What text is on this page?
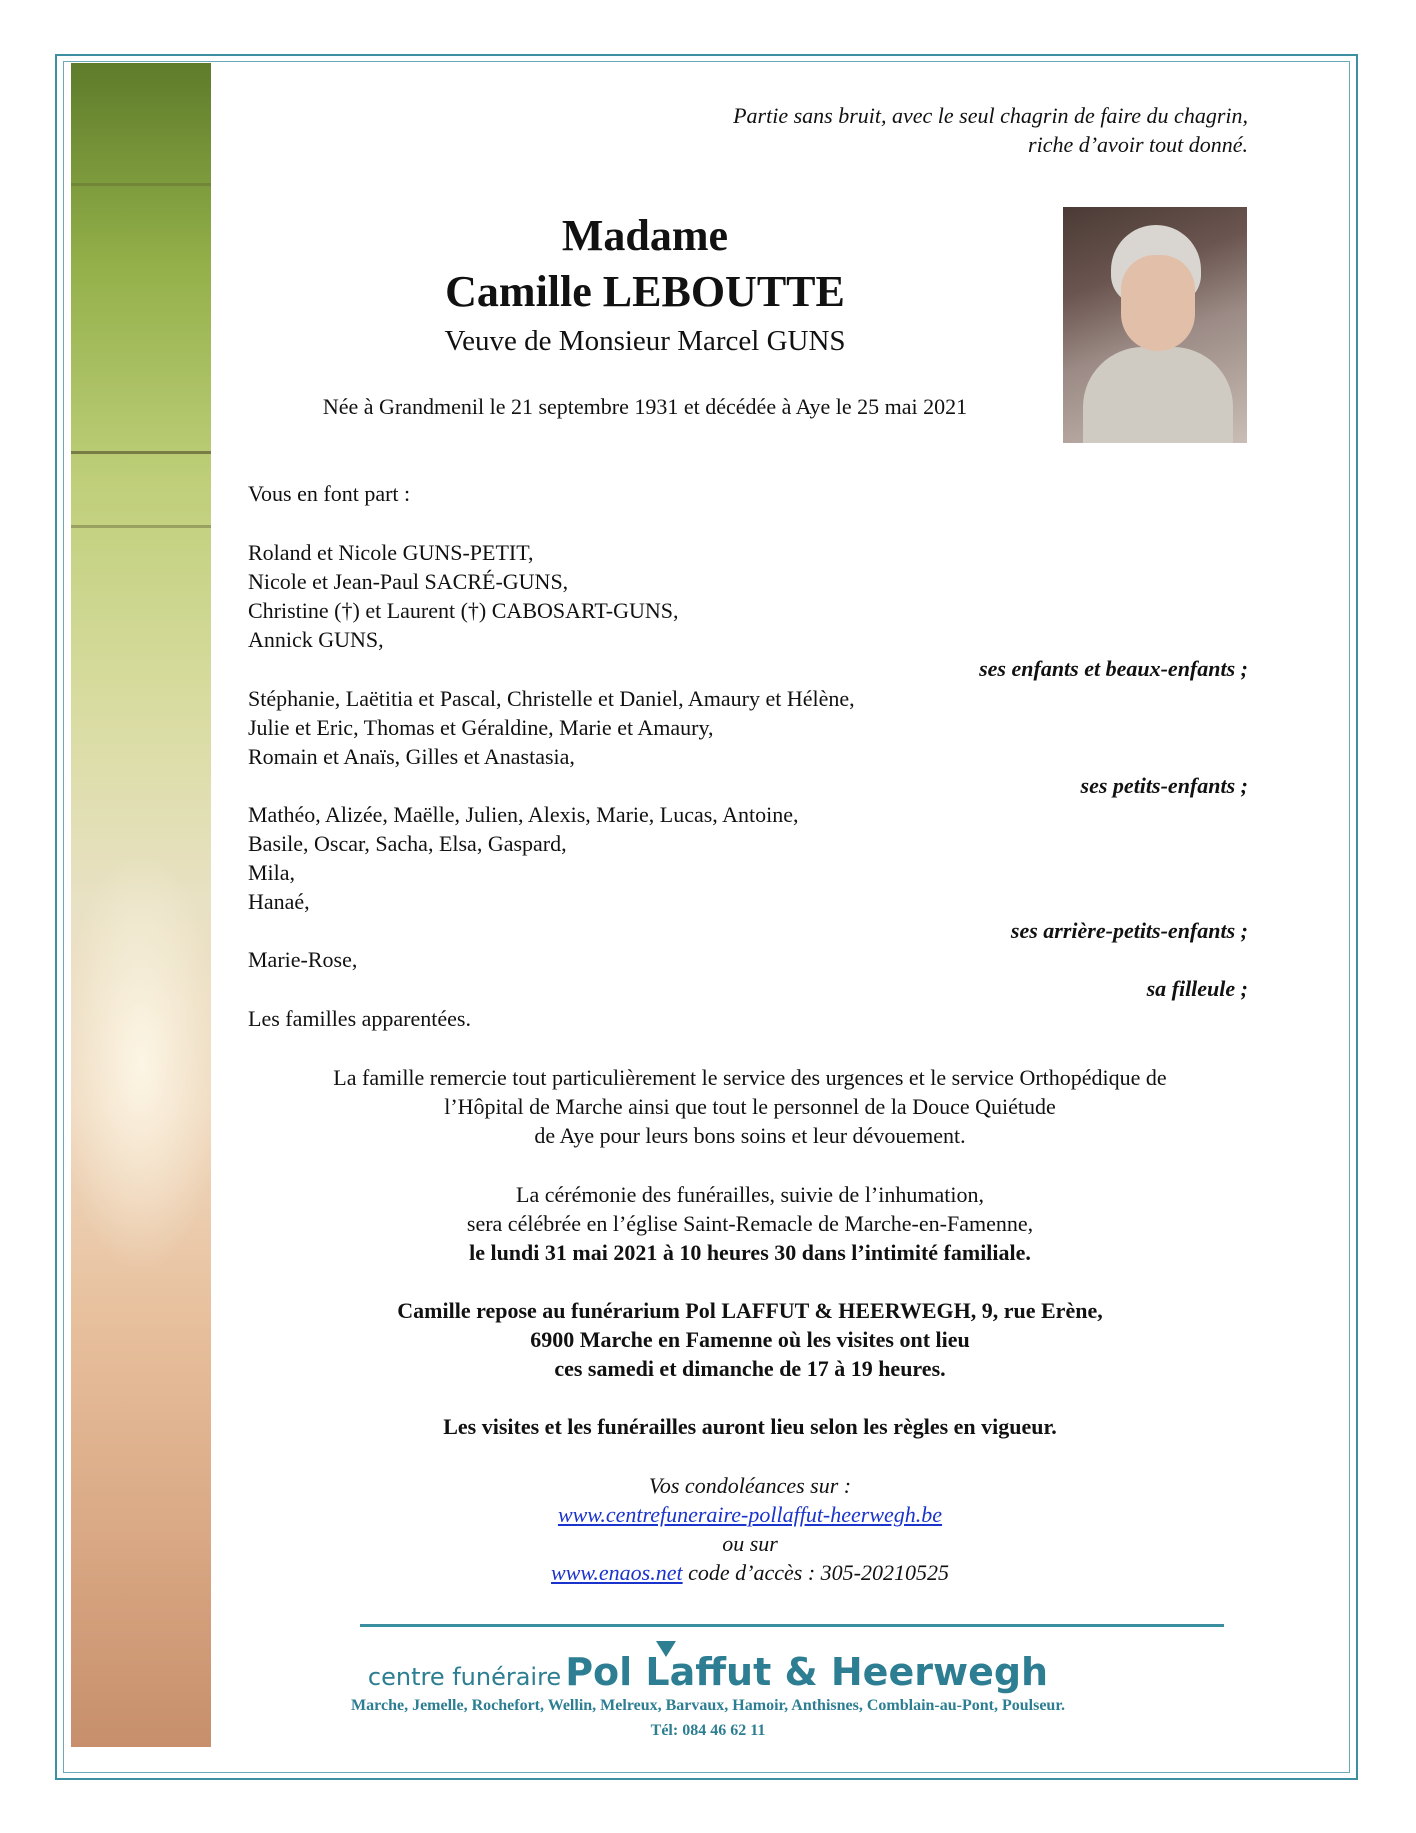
Partie sans bruit, avec le seul chagrin de faire du chagrin,

riche d’avoir tout donné.

Madame

Camille LEBOUTTE

Veuve de Monsieur Marcel GUNS

Née à Grandmenil le 21 septembre 1931 et décédée à Aye le 25 mai 2021

Vous en font part :

Roland et Nicole GUNS-PETIT,

Nicole et Jean-Paul SACRÉ-GUNS,

Christine (†) et Laurent (†) CABOSART-GUNS,

Annick GUNS,

ses enfants et beaux-enfants ;

Stéphanie, Laëtitia et Pascal, Christelle et Daniel, Amaury et Hélène,

Julie et Eric, Thomas et Géraldine, Marie et Amaury,

Romain et Anaïs, Gilles et Anastasia,

ses petits-enfants ;

Mathéo, Alizée, Maëlle, Julien, Alexis, Marie, Lucas, Antoine,

Basile, Oscar, Sacha, Elsa, Gaspard,

Mila,

Hanaé,

ses arrière-petits-enfants ;

Marie-Rose,

sa filleule ;

Les familles apparentées.

La famille remercie tout particulièrement le service des urgences et le service Orthopédique de

l’Hôpital de Marche ainsi que tout le personnel de la Douce Quiétude

de Aye pour leurs bons soins et leur dévouement.

La cérémonie des funérailles, suivie de l’inhumation,

sera célébrée en l’église Saint-Remacle de Marche-en-Famenne,

le lundi 31 mai 2021 à 10 heures 30 dans l’intimité familiale.

Camille repose au funérarium Pol LAFFUT & HEERWEGH, 9, rue Erène,

6900 Marche en Famenne où les visites ont lieu

ces samedi et dimanche de 17 à 19 heures.

Les visites et les funérailles auront lieu selon les règles en vigueur.

Vos condoléances sur :

www.centrefuneraire-pollaffut-heerwegh.be

ou sur

www.enaos.net code d’accès : 305-20210525

centre funéraire Pol Laffut & Heerwegh

Marche, Jemelle, Rochefort, Wellin, Melreux, Barvaux, Hamoir, Anthisnes, Comblain-au-Pont, Poulseur.

Tél: 084 46 62 11
